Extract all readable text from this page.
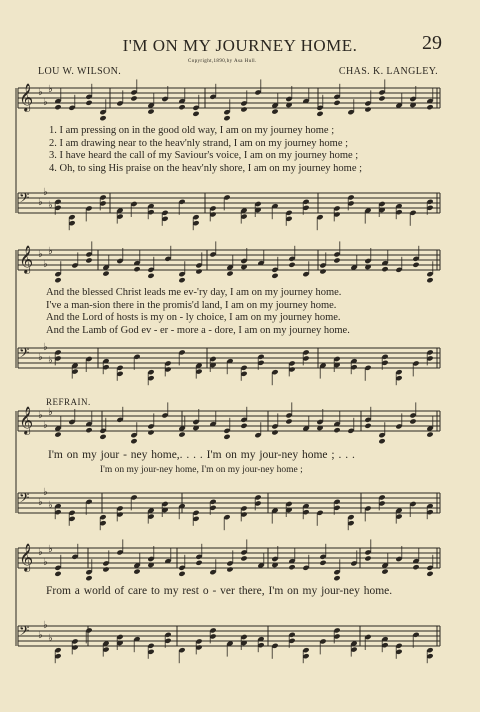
I'M ON MY JOURNEY HOME.	29
LOU W. WILSON.
Copyright,1890,by Asa Hull.
CHAS. K. LANGLEY.
𝄞 ♭
♭
♭
𝄢 ♭
♭
♭
𝄞 ♭
♭
♭
𝄢 ♭
♭
♭
𝄞 ♭
♭
♭
𝄢 ♭
♭
♭
𝄞 ♭
♭
♭
𝄢 ♭
♭
♭
1. I am pressing on in the good old way, I am on my journey home ;
2. I am drawing near to the heav'nly strand, I am on my journey home ;
3. I have heard the call of my Saviour's voice, I am on my journey home ;
4. Oh, to sing His praise on the heav'nly shore, I am on my journey home ;
And the blessed Christ leads me ev-'ry day, I am on my journey home.
I've a man-sion there in the promis'd land, I am on my journey home.
And the Lord of hosts is my on - ly choice, I am on my journey home.
And the Lamb of God ev - er - more a - dore, I am on my journey home.
REFRAIN.
I'm on my jour - ney home,. . . . I'm on my jour-ney home ; . . .
I'm on my jour-ney home, I'm on my jour-ney home ;
From a world of care to my rest o - ver there, I'm on my jour-ney home.
